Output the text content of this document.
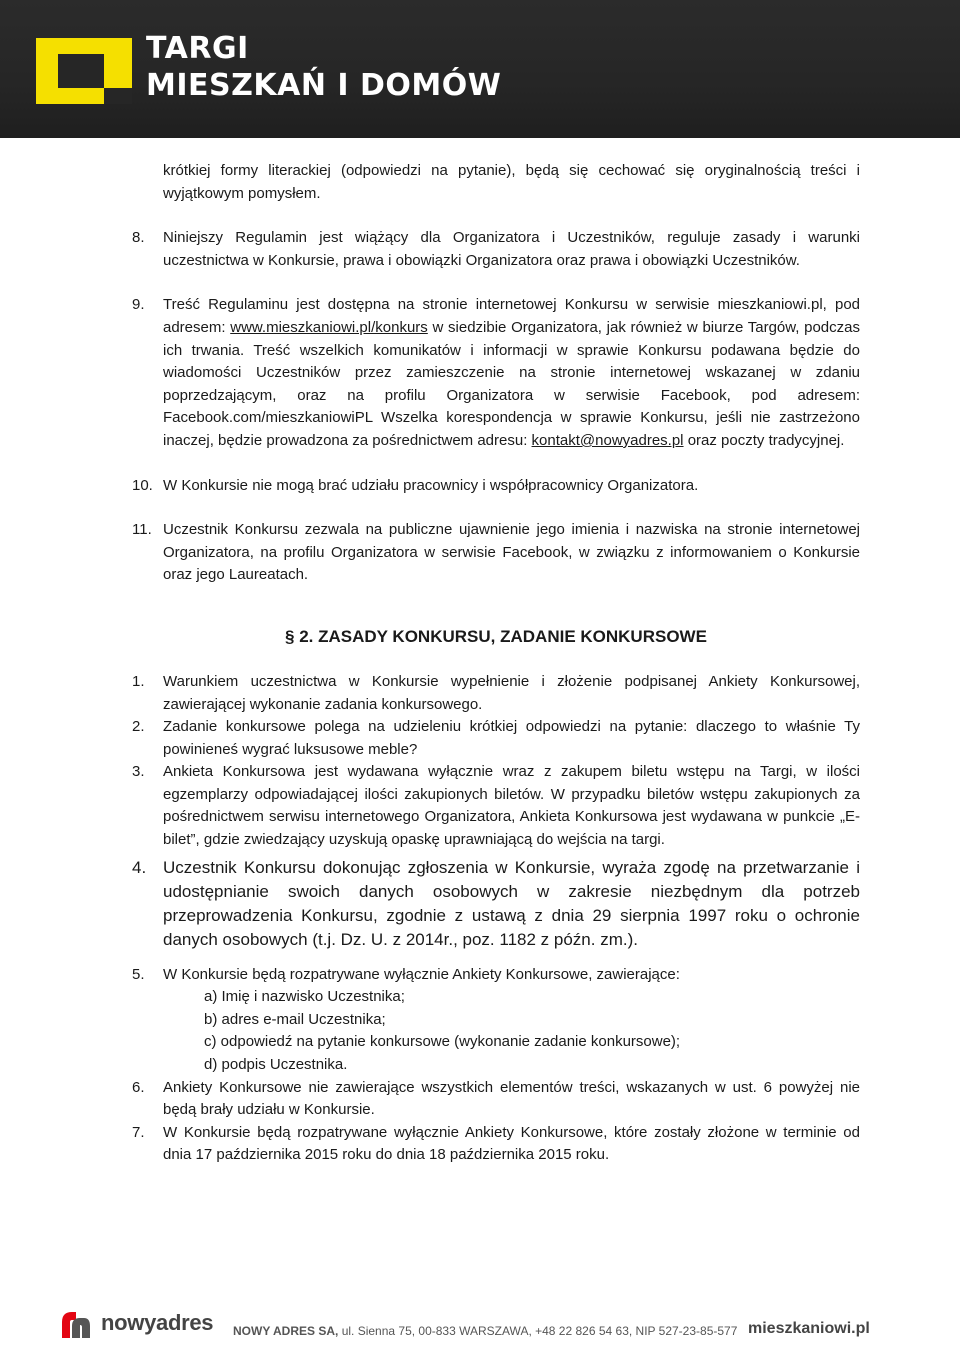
TARGI
MIESZKAŃ I DOMÓW

krótkiej formy literackiej (odpowiedzi na pytanie), będą się cechować się oryginalnością treści i wyjątkowym pomysłem.

8. Niniejszy Regulamin jest wiążący dla Organizatora i Uczestników, reguluje zasady i warunki uczestnictwa w Konkursie, prawa i obowiązki Organizatora oraz prawa i obowiązki Uczestników.

9. Treść Regulaminu jest dostępna na stronie internetowej Konkursu w serwisie mieszkaniowi.pl, pod adresem: www.mieszkaniowi.pl/konkurs w siedzibie Organizatora, jak również w biurze Targów, podczas ich trwania. Treść wszelkich komunikatów i informacji w sprawie Konkursu podawana będzie do wiadomości Uczestników przez zamieszczenie na stronie internetowej wskazanej w zdaniu poprzedzającym, oraz na profilu Organizatora w serwisie Facebook, pod adresem: Facebook.com/mieszkaniowiPL Wszelka korespondencja w sprawie Konkursu, jeśli nie zastrzeżono inaczej, będzie prowadzona za pośrednictwem adresu: kontakt@nowyadres.pl oraz poczty tradycyjnej.

10. W Konkursie nie mogą brać udziału pracownicy i współpracownicy Organizatora.

11. Uczestnik Konkursu zezwala na publiczne ujawnienie jego imienia i nazwiska na stronie internetowej Organizatora, na profilu Organizatora w serwisie Facebook, w związku z informowaniem o Konkursie oraz jego Laureatach.

§ 2. ZASADY KONKURSU, ZADANIE KONKURSOWE

1. Warunkiem uczestnictwa w Konkursie wypełnienie i złożenie podpisanej Ankiety Konkursowej, zawierającej wykonanie zadania konkursowego.

2. Zadanie konkursowe polega na udzieleniu krótkiej odpowiedzi na pytanie: dlaczego to właśnie Ty powinieneś wygrać luksusowe meble?

3. Ankieta Konkursowa jest wydawana wyłącznie wraz z zakupem biletu wstępu na Targi, w ilości egzemplarzy odpowiadającej ilości zakupionych biletów. W przypadku biletów wstępu zakupionych za pośrednictwem serwisu internetowego Organizatora, Ankieta Konkursowa jest wydawana w punkcie „E-bilet”, gdzie zwiedzający uzyskują opaskę uprawniającą do wejścia na targi.

4. Uczestnik Konkursu dokonując zgłoszenia w Konkursie, wyraża zgodę na przetwarzanie i udostępnianie swoich danych osobowych w zakresie niezbędnym dla potrzeb przeprowadzenia Konkursu, zgodnie z ustawą z dnia 29 sierpnia 1997 roku o ochronie danych osobowych (t.j. Dz. U. z 2014r., poz. 1182 z późn. zm.).

5. W Konkursie będą rozpatrywane wyłącznie Ankiety Konkursowe, zawierające:

a) Imię i nazwisko Uczestnika;
b) adres e-mail Uczestnika;
c) odpowiedź na pytanie konkursowe (wykonanie zadanie konkursowe);
d) podpis Uczestnika.

6. Ankiety Konkursowe nie zawierające wszystkich elementów treści, wskazanych w ust. 6 powyżej nie będą brały udziału w Konkursie.

7. W Konkursie będą rozpatrywane wyłącznie Ankiety Konkursowe, które zostały złożone w terminie od dnia 17 października 2015 roku do dnia 18 października 2015 roku.

nowyadres NOWY ADRES SA, ul. Sienna 75, 00-833 WARSZAWA, +48 22 826 54 63, NIP 527-23-85-577 mieszkaniowi.pl
